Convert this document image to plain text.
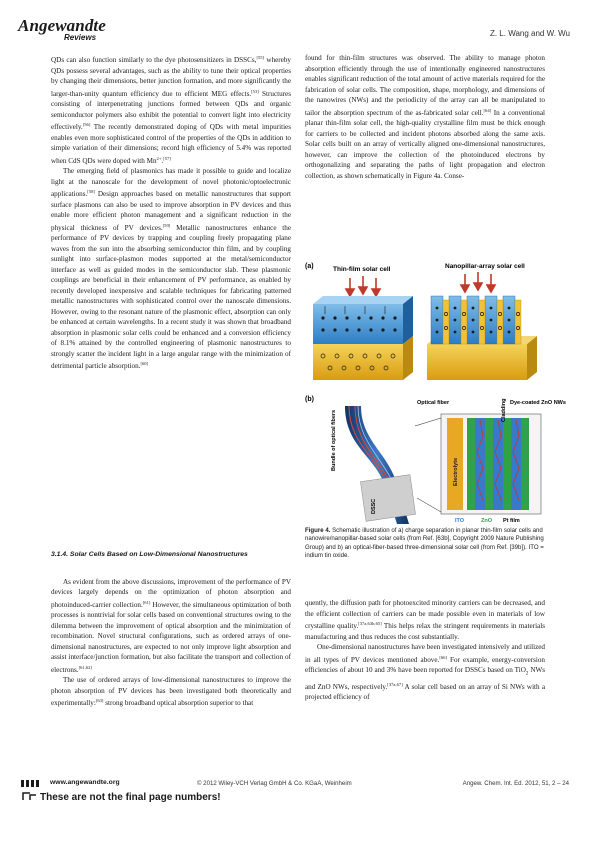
Angewandte
Reviews	Z. L. Wang and W. Wu

QDs can also function similarly to the dye photosensitizers in DSSCs,[55] whereby QDs possess several advantages, such as the ability to tune their optical properties by changing their dimensions, better junction formation, and more significantly the larger-than-unity quantum efficiency due to efficient MEG effects.[53] Structures consisting of interpenetrating junctions formed between QDs and organic semiconductor polymers also exhibit the potential to convert light into electricity effectively.[56] The recently demonstrated doping of QDs with metal impurities enables even more sophisticated control of the properties of the QDs in addition to simple variation of their dimensions; record high efficiency of 5.4% was reported when CdS QDs were doped with $Mn^{2+}.[57]$

The emerging field of plasmonics has made it possible to guide and localize light at the nanoscale for the development of novel photonic/optoelectronic applications.[58] Design approaches based on metallic nanostructures that support surface plasmons can also be used to improve absorption in PV devices and thus enable more efficient photon management and a significant reduction in the physical thickness of PV devices.[59] Metallic nanostructures enhance the performance of PV devices by trapping and coupling freely propagating plane waves from the sun into the absorbing semiconductor thin film, and by coupling sunlight into surface-plasmon modes supported at the metal/semiconductor interface as well as guided modes in the semiconductor slab. These plasmonic couplings are beneficial in their enhancement of PV performance, as enabled by recently developed inexpensive and scalable techniques for fabricating patterned metallic nanostructures with sophisticated control over the nanoscale dimensions. However, owing to the resonant nature of the plasmonic effect, absorption can only be enhanced at certain wavelengths. In a recent study it was shown that broadband absorption in plasmonic solar cells could be enhanced and a conversion efficiency of 8.1% attained by the controlled engineering of plasmonic nanostructures to strongly scatter the incident light in a large angular range with the minimization of detrimental particle absorption.[60]

3.1.4. Solar Cells Based on Low-Dimensional Nanostructures

As evident from the above discussions, improvement of the performance of PV devices largely depends on the optimization of photon absorption and photoinduced-carrier collection.[61] However, the simultaneous optimization of both processes is nontrivial for solar cells based on conventional structures owing to the dilemma between the improvement of optical absorption and the minimization of recombination. Novel structural configurations, such as ordered arrays of one-dimensional nanostructures, are expected to not only improve light absorption and assist interface/junction formation, but also facilitate the transport and collection of electrons.[61,62]

The use of ordered arrays of low-dimensional nanostructures to improve the photon absorption of PV devices has been investigated both theoretically and experimentally:[63] strong broadband optical absorption superior to that

found for thin-film structures was observed. The ability to manage photon absorption efficiently through the use of intentionally engineered nanostructures enables significant reduction of the total amount of active materials required for the fabrication of solar cells. The composition, shape, morphology, and dimensions of the nanowires (NWs) and the periodicity of the array can all be manipulated to tailor the absorption spectrum of the as-fabricated solar cell.[64] In a conventional planar thin-film solar cell, the high-quality crystalline film must be thick enough for carriers to be collected and incident photons absorbed along the same axis. Solar cells built on an array of vertically aligned one-dimensional nanostructures, however, can improve the collection of the photoinduced electrons by orthogonalizing and separating the paths of light propagation and electron collection, as shown schematically in Figure 4a. Conse-

(a)	Thin-film solar cell	Nanopillar-array solar cell
(b)
Bundle of optical fibers
DSSC
Electrolyte
Optical fiber	Cladding Dye-coated ZnO NWs
ITO	ZnO Pt film
Figure 4. Schematic illustration of a) charge separation in planar thin-film solar cells and nanowire/nanopillar-based solar cells (from Ref. [63b], Copyright 2009 Nature Publishing Group) and b) an optical-fiber-based three-dimensional solar cell (from Ref. [39b]). ITO = indium tin oxide.

quently, the diffusion path for photoexcited minority carriers can be decreased, and the efficient collection of carriers can be made possible even in materials of low crystalline quality.[37a,63b,65] This helps relax the stringent requirements in materials manufacturing and thus reduces the cost substantially.

One-dimensional nanostructures have been investigated intensively and utilized in all types of PV devices mentioned above.[66] For example, energy-conversion efficiencies of about 10 and 3% have been reported for DSSCs based on TiO$_2$ NWs and ZnO NWs, respectively.[37a,67] A solar cell based on an array of Si NWs with a projected efficiency of

www.angewandte.org	© 2012 Wiley-VCH Verlag GmbH & Co. KGaA, Weinheim	Angew. Chem. Int. Ed. 2012, 51, 2 – 24
These are not the final page numbers!
